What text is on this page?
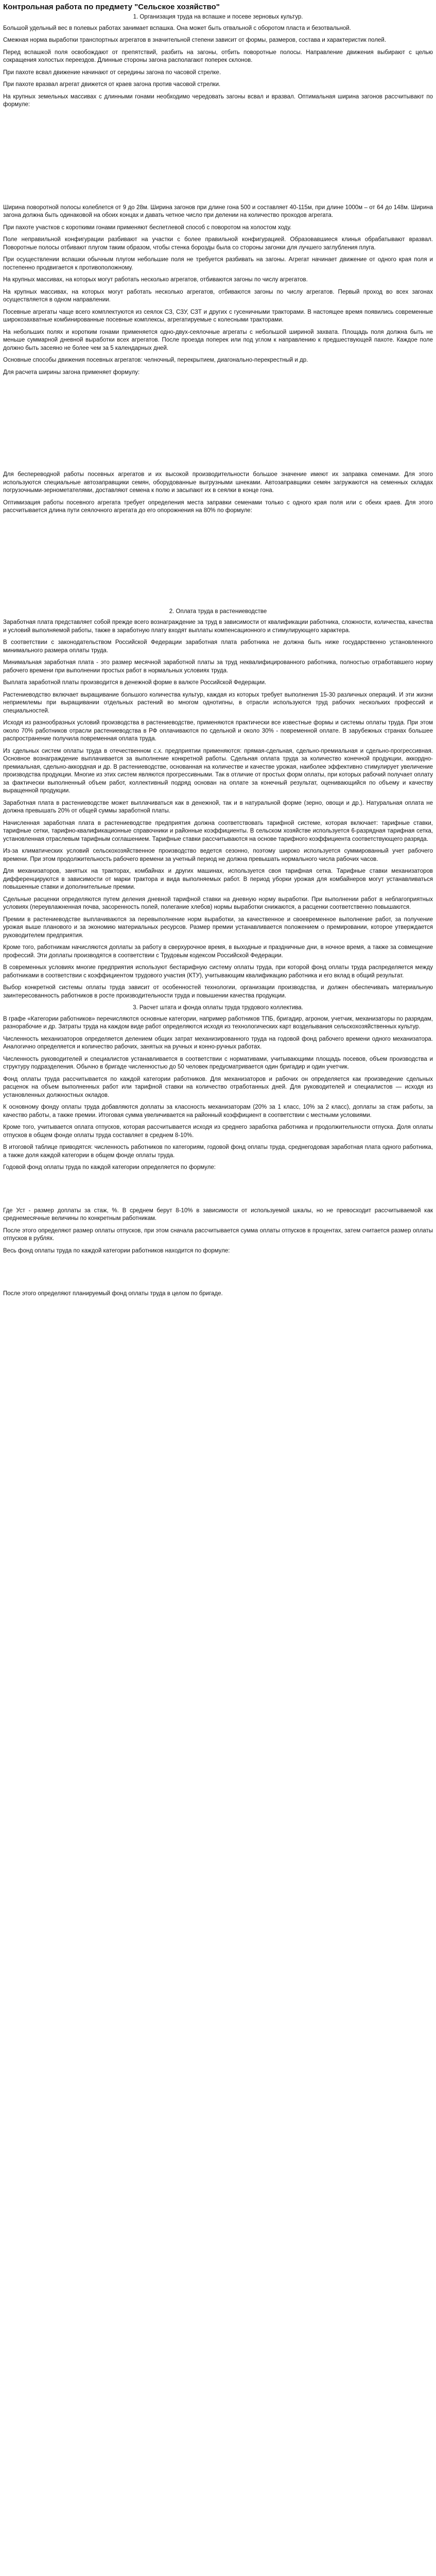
Контрольная работа по предмету "Сельское хозяйство"
1. Организация труда на вспашке и посеве зерновых культур.

Большой удельный вес в полевых работах занимает вспашка. Она может быть отвальной с оборотом пласта и безотвальной.

Смежная норма выработки транспортных агрегатов в значительной степени зависит от формы, размеров, состава и характеристик полей.

Перед вспашкой поля освобождают от препятствий, разбить на загоны, отбить поворотные полосы. Направление движения выбирают с целью сокращения холостых переездов. Длинные стороны загона располагают поперек склонов.

При пахоте всвал движение начинают от середины загона по часовой стрелке.

При пахоте вразвал агрегат движется от краев загона против часовой стрелки.

На крупных земельных массивах с длинными гонами необходимо чередовать загоны всвал и вразвал. Оптимальная ширина загонов рассчитывают по формуле:

Ширина поворотной полосы колеблется от 9 до 28м. Ширина загонов при длине гона 500 и составляет 40-115м, при длине 1000м – от 64 до 148м. Ширина загона должна быть одинаковой на обоих концах и давать четное число при делении на количество проходов агрегата.

При пахоте участков с короткими гонами применяют беспетлевой способ с поворотом на холостом ходу.

Поле неправильной конфигурации разбивают на участки с более правильной конфигурацией. Образовавшиеся клинья обрабатывают вразвал. Поворотные полосы отбивают плугом таким образом, чтобы стенка борозды была со стороны загонки для лучшего заглубления плуга.

При осуществлении вспашки обычным плугом небольшие поля не требуется разбивать на загоны. Агрегат начинает движение от одного края поля и постепенно продвигается к противоположному.

На крупных массивах, на которых могут работать несколько агрегатов, отбиваются загоны по числу агрегатов.

На крупных массивах, на которых могут работать несколько агрегатов, отбиваются загоны по числу агрегатов. Первый проход во всех загонах осуществляется в одном направлении.

Посевные агрегаты чаще всего комплектуются из сеялок СЗ, СЗУ, СЗТ и других с гусеничными тракторами. В настоящее время появились современные широкозахватные комбинированные посевные комплексы, агрегатируемые с колесными тракторами.

На небольших полях и коротким гонами применяется одно-двух-сеялочные агрегаты с небольшой шириной захвата. Площадь поля должна быть не меньше суммарной дневной выработки всех агрегатов. После проезда поперек или под углом к направлению к предшествующей пахоте. Каждое поле должно быть засеяно не более чем за 5 календарных дней.

Основные способы движения посевных агрегатов: челночный, перекрытием, диагонально-перекрестный и др.

Для расчета ширины загона применяет формулу:

Для беспереводной работы посевных агрегатов и их высокой производительности большое значение имеют их заправка семенами. Для этого используются специальные автозаправщики семян, оборудованные выгрузными шнеками. Автозаправщики семян загружаются на семенных складах погрузочными-зернометателями, доставляют семена к полю и засыпают их в сеялки в конце гона.

Оптимизация работы посевного агрегата требует определения места заправки семенами только с одного края поля или с обеих краев. Для этого рассчитывается длина пути сеялочного агрегата до его опорожнения на 80% по формуле:

2. Оплата труда в растениеводстве

Заработная плата представляет собой прежде всего вознаграждение за труд в зависимости от квалификации работника, сложности, количества, качества и условий выполняемой работы, также в заработную плату входят выплаты компенсационного и стимулирующего характера.

В соответствии с законодательством Российской Федерации заработная плата работника не должна быть ниже государственно установленного минимального размера оплаты труда.

Минимальная заработная плата - это размер месячной заработной платы за труд неквалифицированного работника, полностью отработавшего норму рабочего времени при выполнении простых работ в нормальных условиях труда.

Выплата заработной платы производится в денежной форме в валюте Российской Федерации.

Растениеводство включает выращивание большого количества культур, каждая из которых требует выполнения 15-30 различных операций. И эти жизни неприемлемы при выращивании отдельных растений во многом однотипны, в отрасли используются труд рабочих нескольких профессий и специальностей.

Исходя из разнообразных условий производства в растениеводстве, применяются практически все известные формы и системы оплаты труда. При этом около 70% работников отрасли растениеводства в РФ оплачиваются по сдельной и около 30% - повременной оплате. В зарубежных странах большее распространение получила повременная оплата труда.

Из сдельных систем оплаты труда в отечественном с.х. предприятии применяются: прямая-сдельная, сдельно-премиальная и сдельно-прогрессивная. Основное вознаграждение выплачивается за выполнение конкретной работы. Сдельная оплата труда за количество конечной продукции, аккордно-премиальная, сдельно-аккордная и др. В растениеводстве, основанная на количестве и качестве урожая, наиболее эффективно стимулирует увеличение производства продукции. Многие из этих систем являются прогрессивными. Так в отличие от простых форм оплаты, при которых рабочий получает оплату за фактически выполненный объем работ, коллективный подряд основан на оплате за конечный результат, оценивающийся по объему и качеству выращенной продукции.

Заработная плата в растениеводстве может выплачиваться как в денежной, так и в натуральной форме (зерно, овощи и др.). Натуральная оплата не должна превышать 20% от общей суммы заработной платы.

Начисленная заработная плата в растениеводстве предприятия должна соответствовать тарифной системе, которая включает: тарифные ставки, тарифные сетки, тарифно-квалификационные справочники и районные коэффициенты. В сельском хозяйстве используется 6-разрядная тарифная сетка, установленная отраслевым тарифным соглашением. Тарифные ставки рассчитываются на основе тарифного коэффициента соответствующего разряда.

Из-за климатических условий сельскохозяйственное производство ведется сезонно, поэтому широко используется суммированный учет рабочего времени. При этом продолжительность рабочего времени за учетный период не должна превышать нормального числа рабочих часов.

Для механизаторов, занятых на тракторах, комбайнах и других машинах, используется своя тарифная сетка. Тарифные ставки механизаторов дифференцируются в зависимости от марки трактора и вида выполняемых работ. В период уборки урожая для комбайнеров могут устанавливаться повышенные ставки и дополнительные премии.

Сдельные расценки определяются путем деления дневной тарифной ставки на дневную норму выработки. При выполнении работ в неблагоприятных условиях (переувлажненная почва, засоренность полей, полегание хлебов) нормы выработки снижаются, а расценки соответственно повышаются.

Премии в растениеводстве выплачиваются за перевыполнение норм выработки, за качественное и своевременное выполнение работ, за получение урожая выше планового и за экономию материальных ресурсов. Размер премии устанавливается положением о премировании, которое утверждается руководителем предприятия.

Кроме того, работникам начисляются доплаты за работу в сверхурочное время, в выходные и праздничные дни, в ночное время, а также за совмещение профессий. Эти доплаты производятся в соответствии с Трудовым кодексом Российской Федерации.

В современных условиях многие предприятия используют бестарифную систему оплаты труда, при которой фонд оплаты труда распределяется между работниками в соответствии с коэффициентом трудового участия (КТУ), учитывающим квалификацию работника и его вклад в общий результат.

Выбор конкретной системы оплаты труда зависит от особенностей технологии, организации производства, и должен обеспечивать материальную заинтересованность работников в росте производительности труда и повышении качества продукции.

3. Расчет штата и фонда оплаты труда трудового коллектива.

В графе «Категории работников» перечисляются основные категории, например работников ТПБ, бригадир, агроном, учетчик, механизаторы по разрядам, разнорабочие и др. Затраты труда на каждом виде работ определяются исходя из технологических карт возделывания сельскохозяйственных культур.

Численность механизаторов определяется делением общих затрат механизированного труда на годовой фонд рабочего времени одного механизатора. Аналогично определяется и количество рабочих, занятых на ручных и конно-ручных работах.

Численность руководителей и специалистов устанавливается в соответствии с нормативами, учитывающими площадь посевов, объем производства и структуру подразделения. Обычно в бригаде численностью до 50 человек предусматривается один бригадир и один учетчик.

Фонд оплаты труда рассчитывается по каждой категории работников. Для механизаторов и рабочих он определяется как произведение сдельных расценок на объем выполненных работ или тарифной ставки на количество отработанных дней. Для руководителей и специалистов — исходя из установленных должностных окладов.

К основному фонду оплаты труда добавляются доплаты за классность механизаторам (20% за 1 класс, 10% за 2 класс), доплаты за стаж работы, за качество работы, а также премии. Итоговая сумма увеличивается на районный коэффициент в соответствии с местными условиями.

Кроме того, учитывается оплата отпусков, которая рассчитывается исходя из среднего заработка работника и продолжительности отпуска. Доля оплаты отпусков в общем фонде оплаты труда составляет в среднем 8-10%.

В итоговой таблице приводятся: численность работников по категориям, годовой фонд оплаты труда, среднегодовая заработная плата одного работника, а также доля каждой категории в общем фонде оплаты труда.

Годовой фонд оплаты труда по каждой категории определяется по формуле:

Где Уст - размер доплаты за стаж, %. В среднем берут 8-10% в зависимости от используемой шкалы, но не превосходит рассчитываемой как среднемесячные величины по конкретным работникам.

После этого определяют размер оплаты отпусков, при этом сначала рассчитывается сумма оплаты отпусков в процентах, затем считается размер оплаты отпусков в рублях.

Весь фонд оплаты труда по каждой категории работников находится по формуле:

После этого определяют планируемый фонд оплаты труда в целом по бригаде.
